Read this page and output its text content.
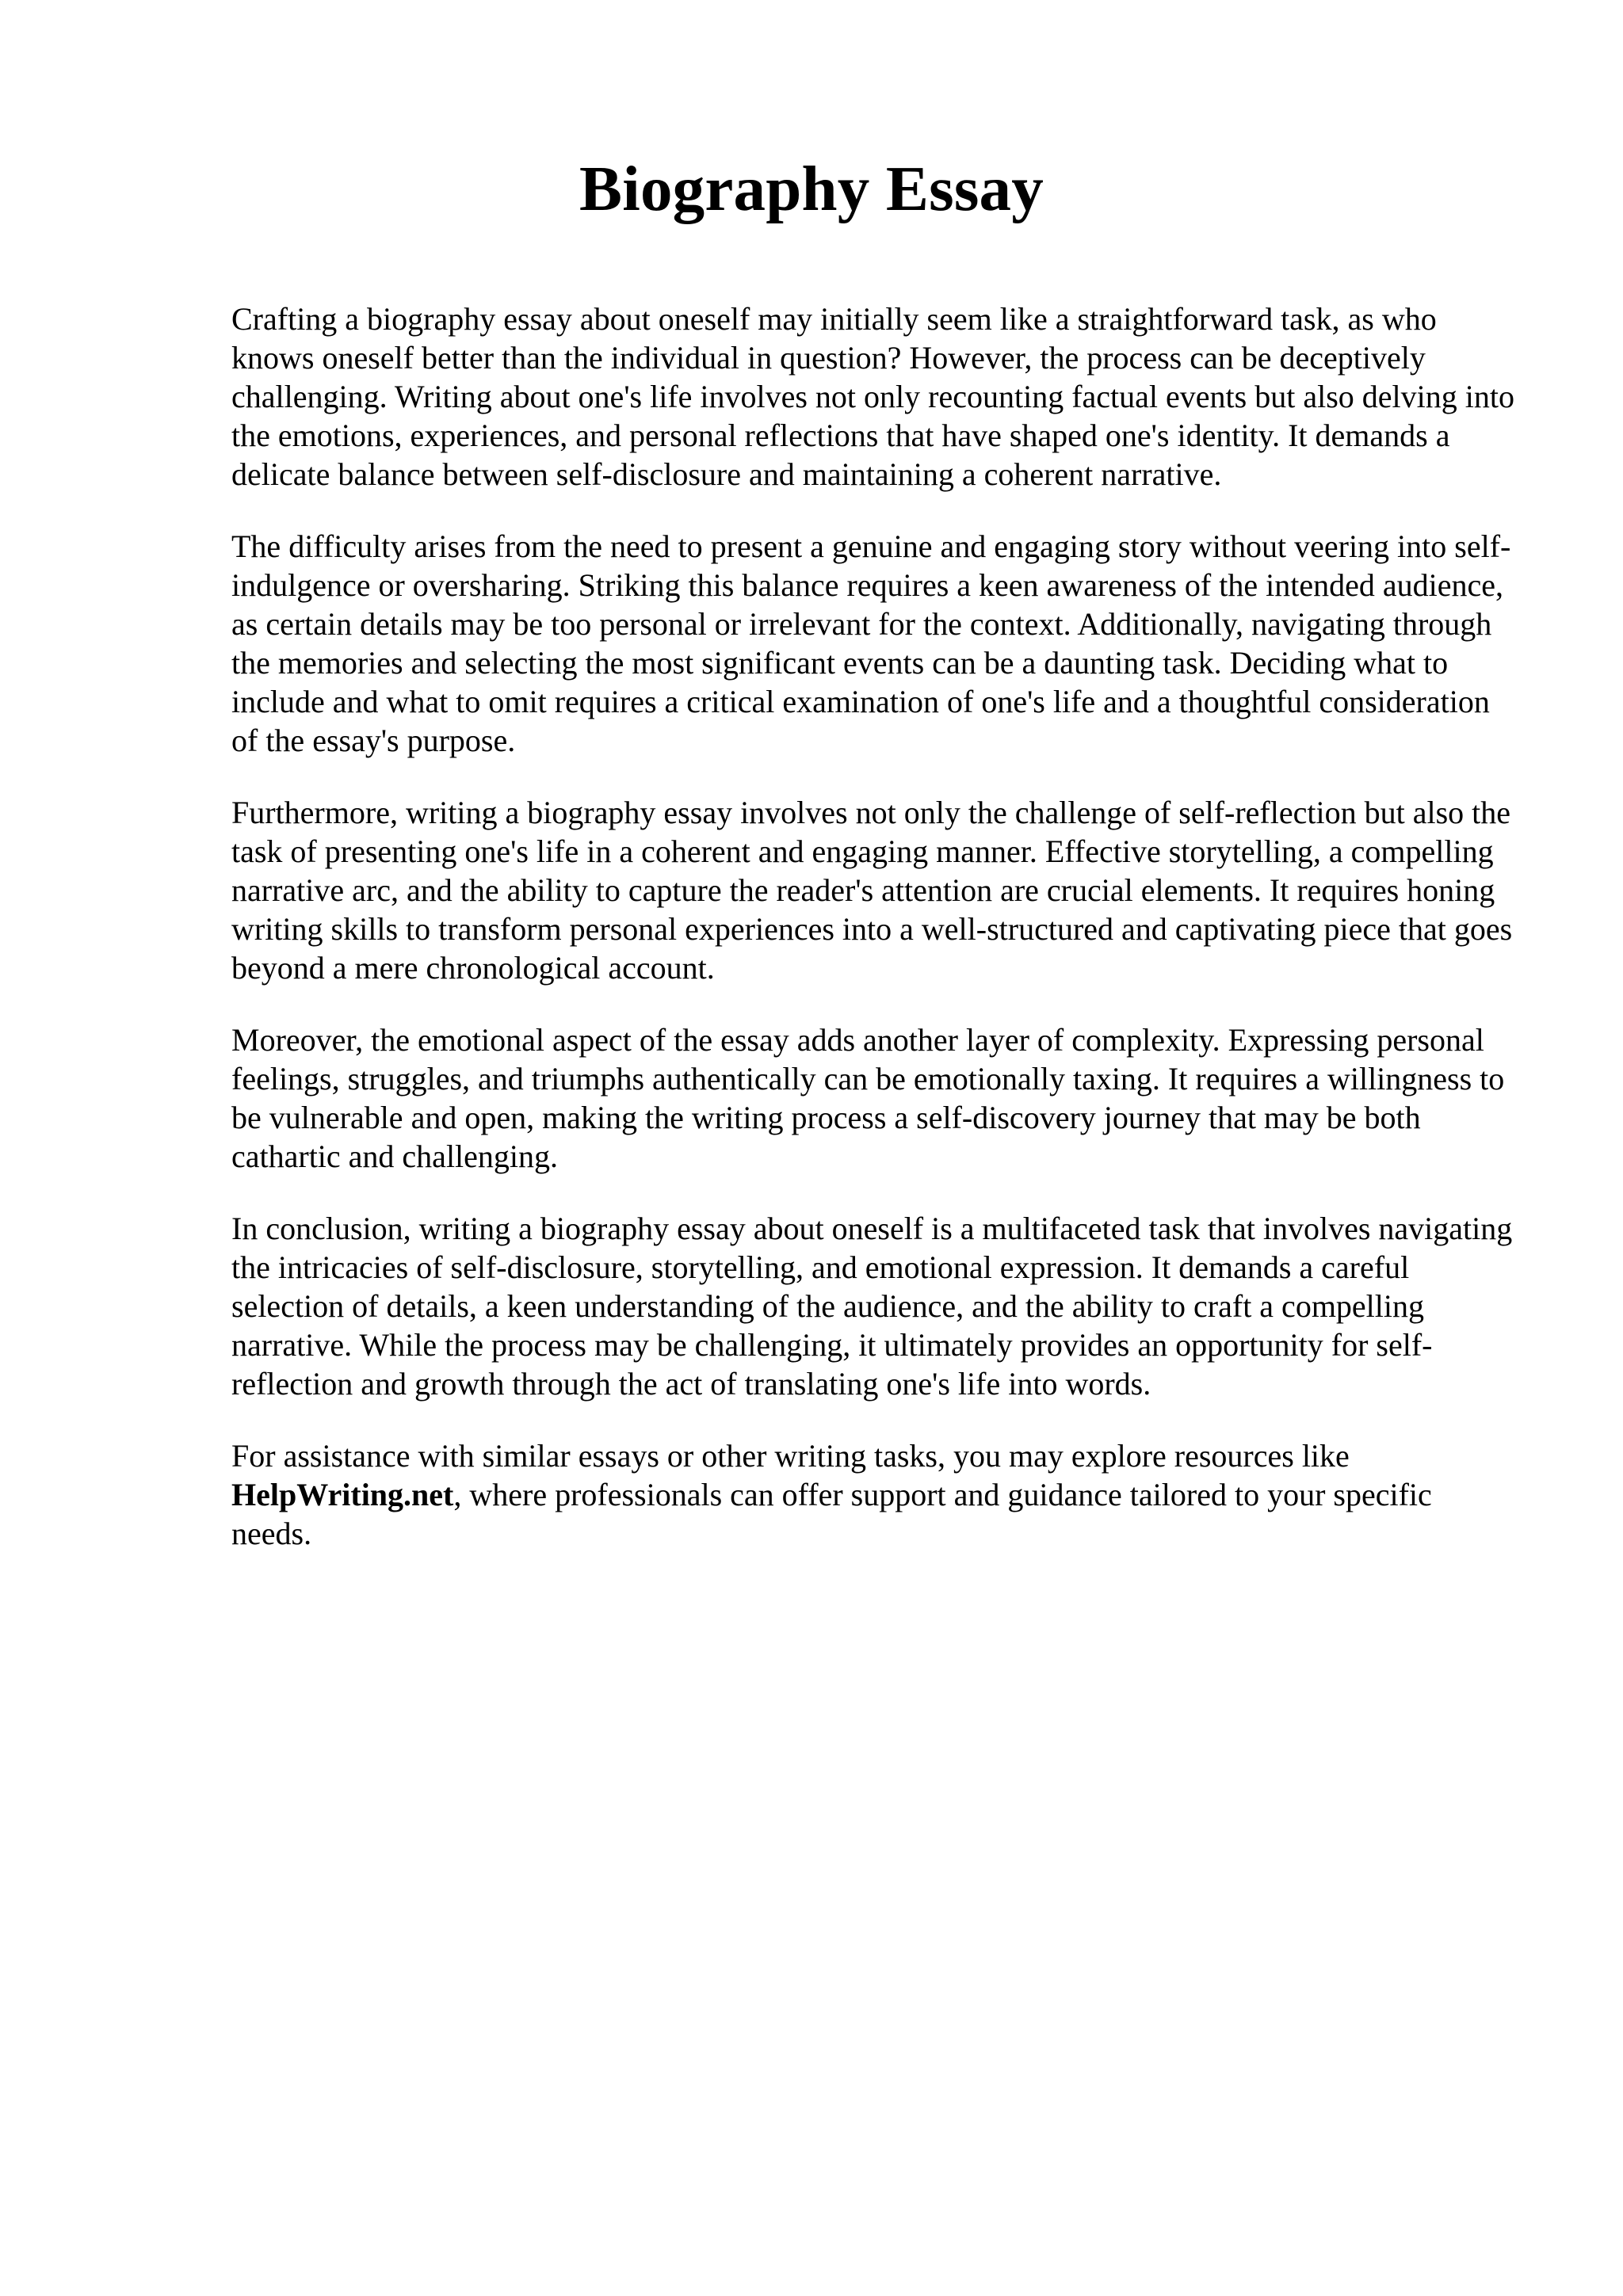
Biography Essay

Crafting a biography essay about oneself may initially seem like a straightforward task, as who knows oneself better than the individual in question? However, the process can be deceptively challenging. Writing about one's life involves not only recounting factual events but also delving into the emotions, experiences, and personal reflections that have shaped one's identity. It demands a delicate balance between self-disclosure and maintaining a coherent narrative.

The difficulty arises from the need to present a genuine and engaging story without veering into self-indulgence or oversharing. Striking this balance requires a keen awareness of the intended audience, as certain details may be too personal or irrelevant for the context. Additionally, navigating through the memories and selecting the most significant events can be a daunting task. Deciding what to include and what to omit requires a critical examination of one's life and a thoughtful consideration of the essay's purpose.

Furthermore, writing a biography essay involves not only the challenge of self-reflection but also the task of presenting one's life in a coherent and engaging manner. Effective storytelling, a compelling narrative arc, and the ability to capture the reader's attention are crucial elements. It requires honing writing skills to transform personal experiences into a well-structured and captivating piece that goes beyond a mere chronological account.

Moreover, the emotional aspect of the essay adds another layer of complexity. Expressing personal feelings, struggles, and triumphs authentically can be emotionally taxing. It requires a willingness to be vulnerable and open, making the writing process a self-discovery journey that may be both cathartic and challenging.

In conclusion, writing a biography essay about oneself is a multifaceted task that involves navigating the intricacies of self-disclosure, storytelling, and emotional expression. It demands a careful selection of details, a keen understanding of the audience, and the ability to craft a compelling narrative. While the process may be challenging, it ultimately provides an opportunity for self-reflection and growth through the act of translating one's life into words.

For assistance with similar essays or other writing tasks, you may explore resources like HelpWriting.net, where professionals can offer support and guidance tailored to your specific needs.
